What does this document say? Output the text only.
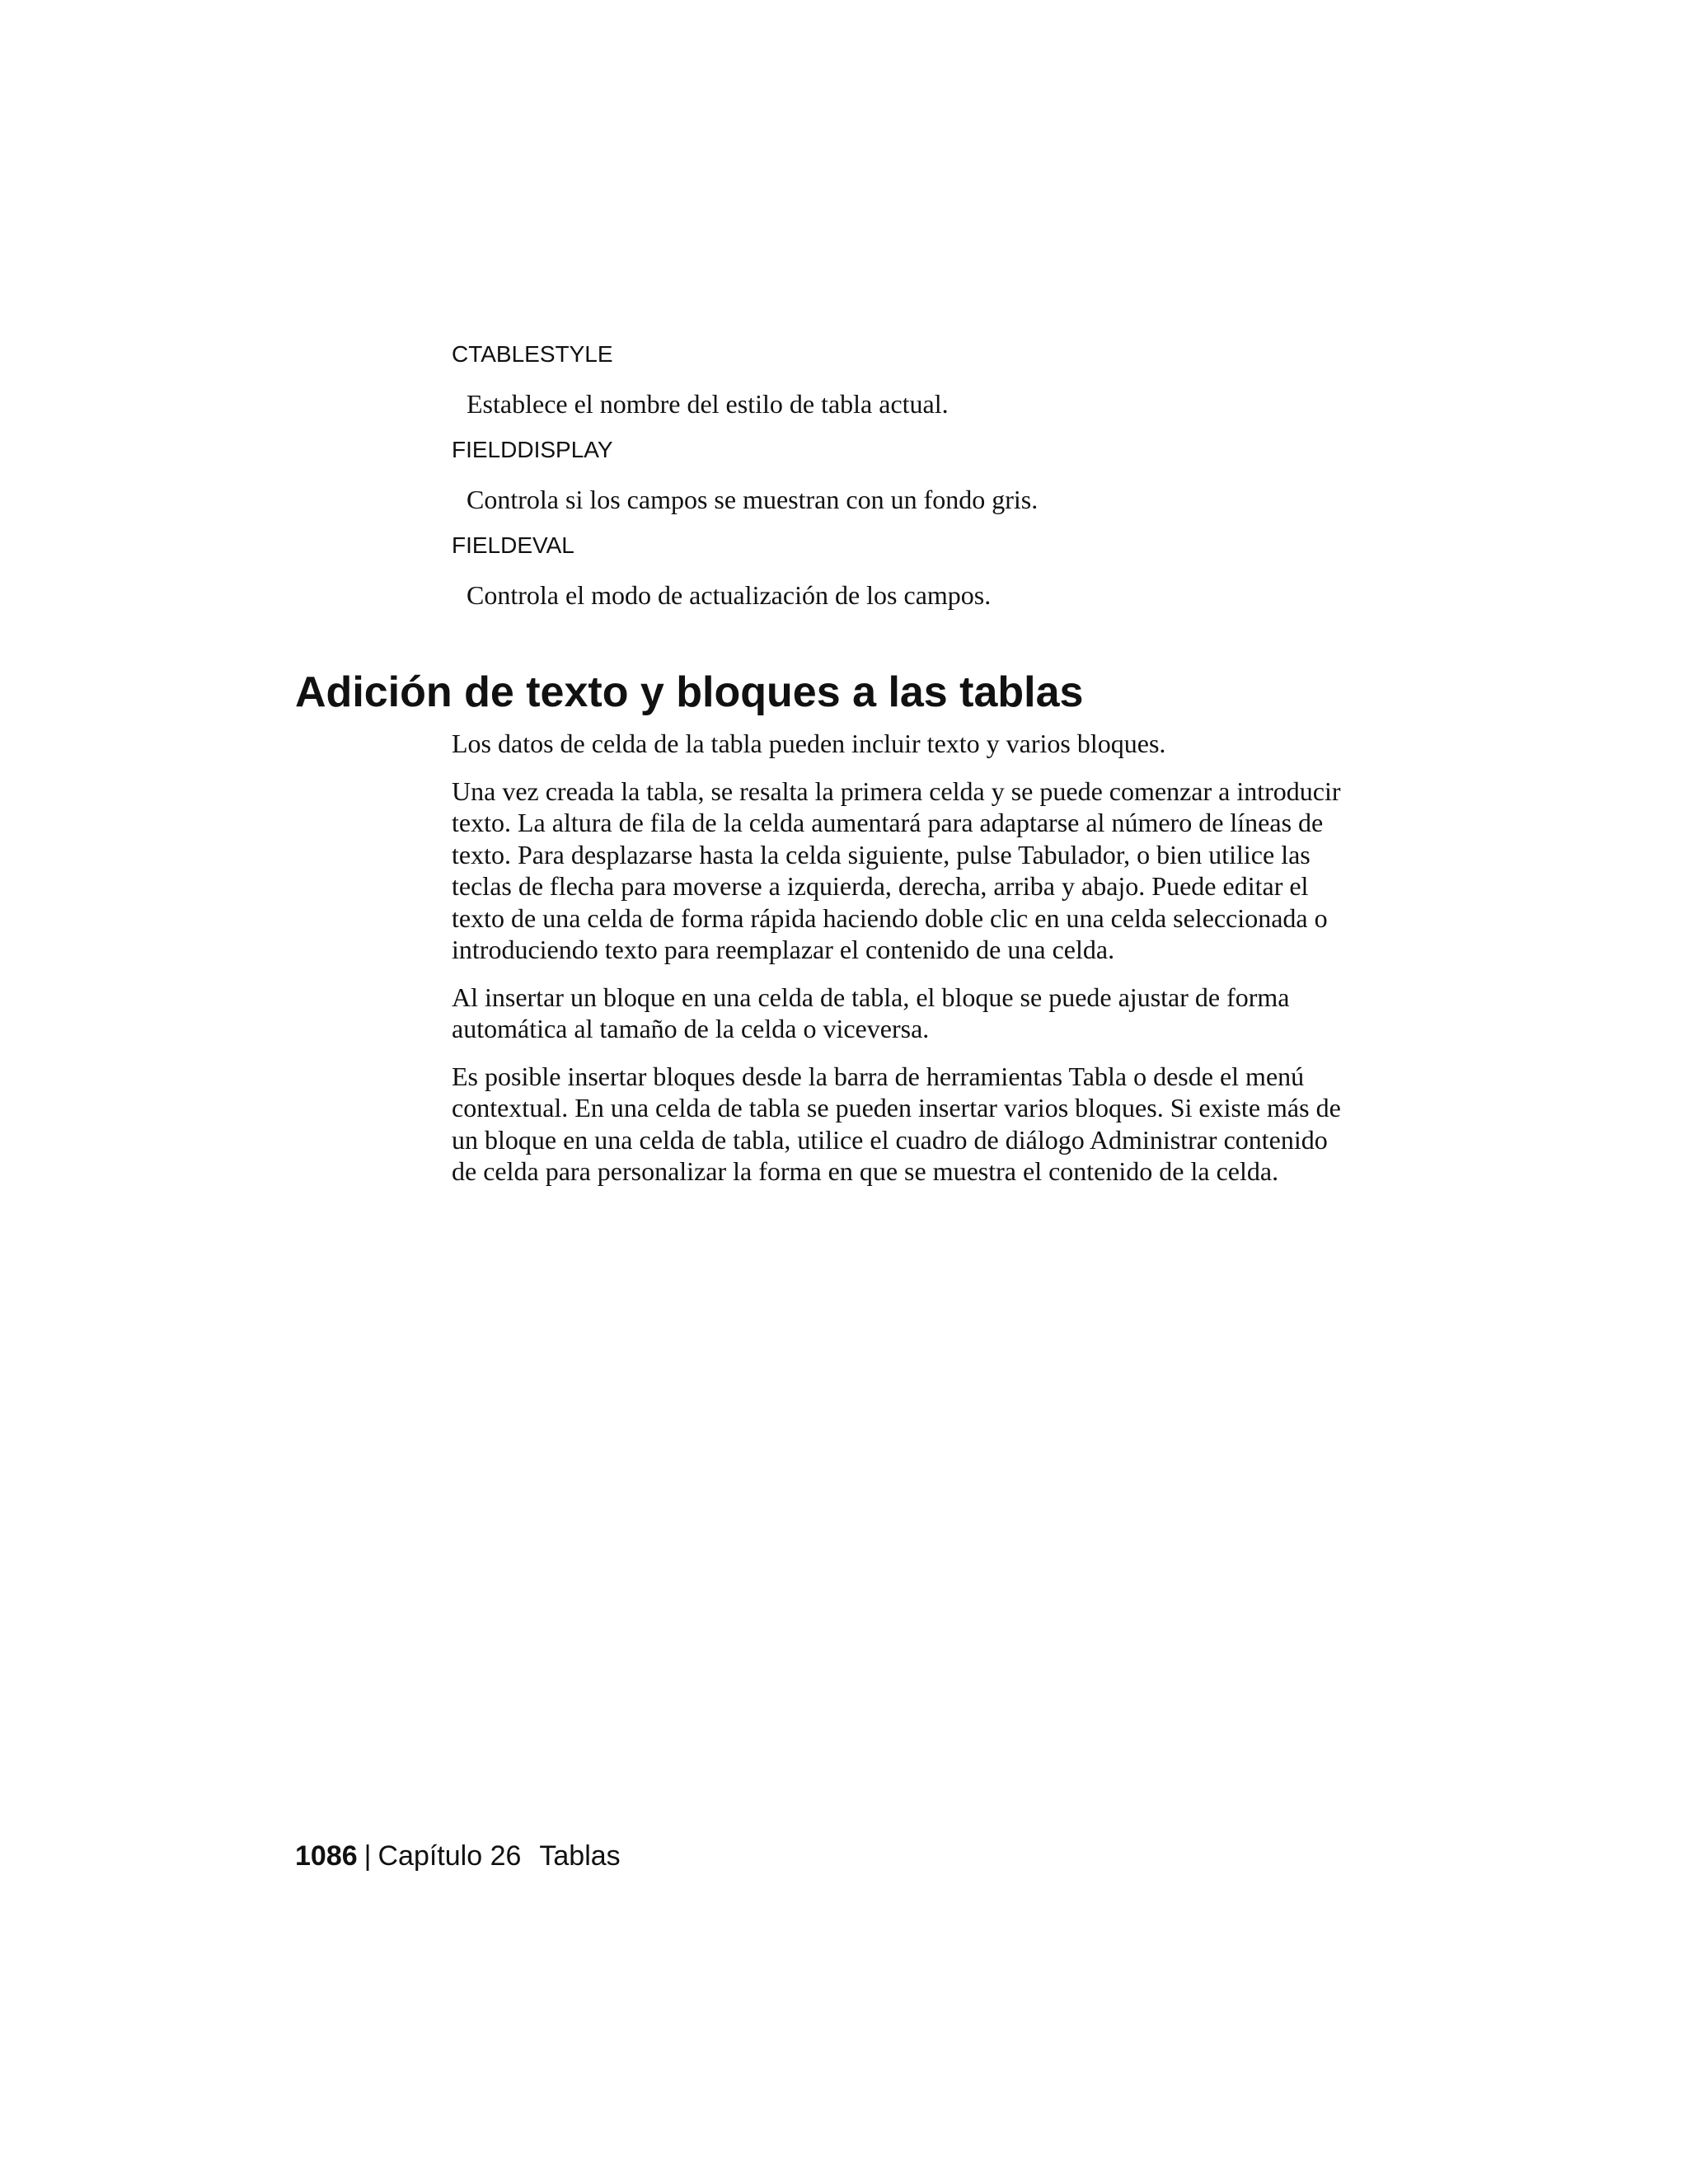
CTABLESTYLE

Establece el nombre del estilo de tabla actual.

FIELDDISPLAY

Controla si los campos se muestran con un fondo gris.

FIELDEVAL

Controla el modo de actualización de los campos.

Adición de texto y bloques a las tablas

Los datos de celda de la tabla pueden incluir texto y varios bloques.

Una vez creada la tabla, se resalta la primera celda y se puede comenzar a introducir texto. La altura de fila de la celda aumentará para adaptarse al número de líneas de texto. Para desplazarse hasta la celda siguiente, pulse Tabulador, o bien utilice las teclas de flecha para moverse a izquierda, derecha, arriba y abajo. Puede editar el texto de una celda de forma rápida haciendo doble clic en una celda seleccionada o introduciendo texto para reemplazar el contenido de una celda.

Al insertar un bloque en una celda de tabla, el bloque se puede ajustar de forma automática al tamaño de la celda o viceversa.

Es posible insertar bloques desde la barra de herramientas Tabla o desde el menú contextual. En una celda de tabla se pueden insertar varios bloques. Si existe más de un bloque en una celda de tabla, utilice el cuadro de diálogo Administrar contenido de celda para personalizar la forma en que se muestra el contenido de la celda.

1086 | Capítulo 26 Tablas
